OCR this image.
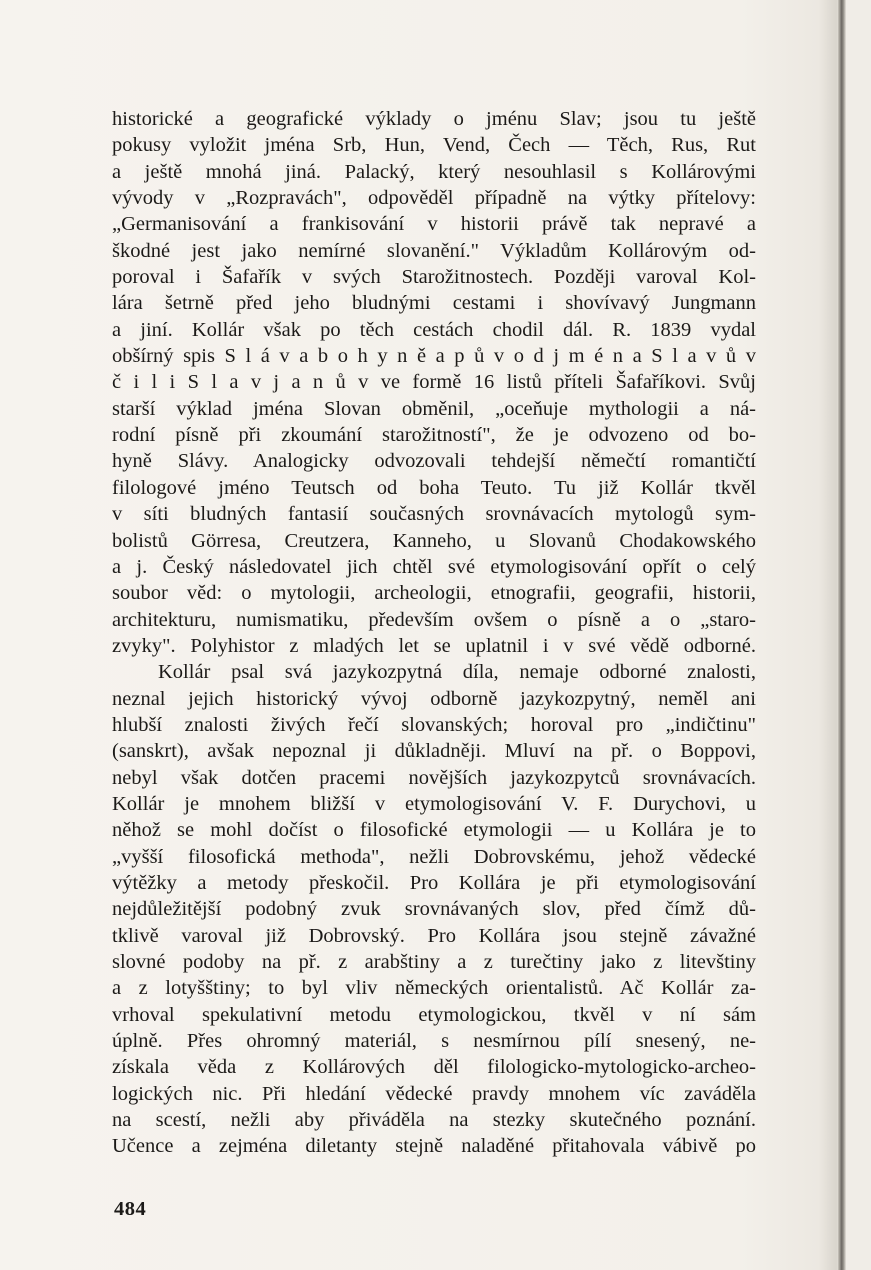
historické a geografické výklady o jménu Slav; jsou tu ještě
pokusy vyložit jména Srb, Hun, Vend, Čech — Těch, Rus, Rut
a ještě mnohá jiná. Palacký, který nesouhlasil s Kollárovými
vývody v „Rozpravách", odpověděl případně na výtky přítelovy:
„Germanisování a frankisování v historii právě tak nepravé a
škodné jest jako nemírné slovanění." Výkladům Kollárovým od-
poroval i Šafařík v svých Starožitnostech. Později varoval Kol-
lára šetrně před jeho bludnými cestami i shovívavý Jungmann
a jiní. Kollár však po těch cestách chodil dál. R. 1839 vydal
obšírný spis S l á v a b o h y n ě a p ů v o d j m é n a S l a v ů v
č i l i S l a v j a n ů v ve formě 16 listů příteli Šafaříkovi. Svůj
starší výklad jména Slovan obměnil, „oceňuje mythologii a ná-
rodní písně při zkoumání starožitností", že je odvozeno od bo-
hyně Slávy. Analogicky odvozovali tehdejší němečtí romantičtí
filologové jméno Teutsch od boha Teuto. Tu již Kollár tkvěl
v síti bludných fantasií současných srovnávacích mytologů sym-
bolistů Görresa, Creutzera, Kanneho, u Slovanů Chodakowského
a j. Český následovatel jich chtěl své etymologisování opřít o celý
soubor věd: o mytologii, archeologii, etnografii, geografii, historii,
architekturu, numismatiku, především ovšem o písně a o „staro-
zvyky". Polyhistor z mladých let se uplatnil i v své vědě odborné.
Kollár psal svá jazykozpytná díla, nemaje odborné znalosti,
neznal jejich historický vývoj odborně jazykozpytný, neměl ani
hlubší znalosti živých řečí slovanských; horoval pro „indičtinu"
(sanskrt), avšak nepoznal ji důkladněji. Mluví na př. o Boppovi,
nebyl však dotčen pracemi novějších jazykozpytců srovnávacích.
Kollár je mnohem bližší v etymologisování V. F. Durychovi, u
něhož se mohl dočíst o filosofické etymologii — u Kollára je to
„vyšší filosofická methoda", nežli Dobrovskému, jehož vědecké
výtěžky a metody přeskočil. Pro Kollára je při etymologisování
nejdůležitější podobný zvuk srovnávaných slov, před čímž dů-
tklivě varoval již Dobrovský. Pro Kollára jsou stejně závažné
slovné podoby na př. z arabštiny a z turečtiny jako z litevštiny
a z lotyšštiny; to byl vliv německých orientalistů. Ač Kollár za-
vrhoval spekulativní metodu etymologickou, tkvěl v ní sám
úplně. Přes ohromný materiál, s nesmírnou pílí snesený, ne-
získala věda z Kollárových děl filologicko-mytologicko-archeo-
logických nic. Při hledání vědecké pravdy mnohem víc zaváděla
na scestí, nežli aby přiváděla na stezky skutečného poznání.
Učence a zejména diletanty stejně naladěné přitahovala vábivě po
484
